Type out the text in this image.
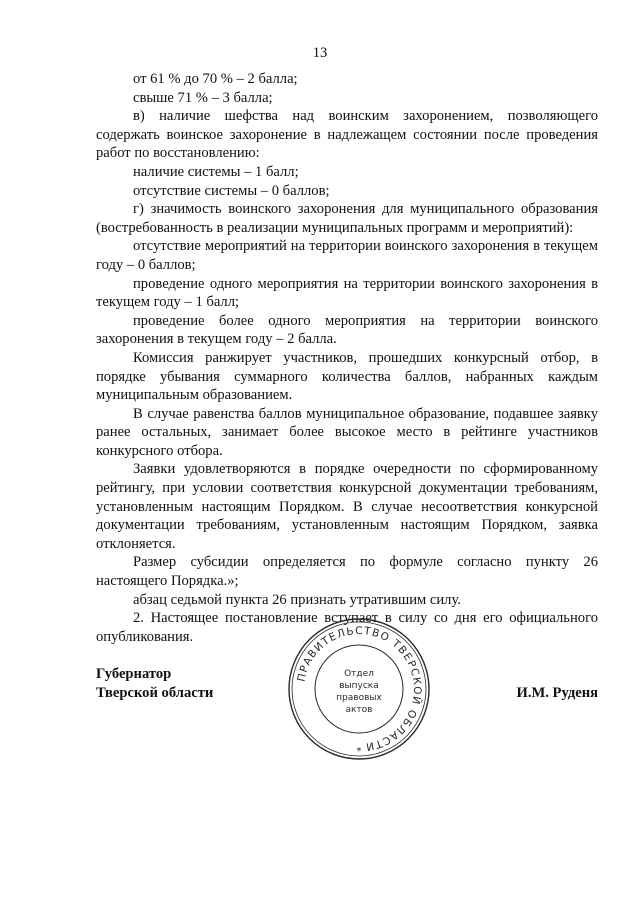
13

от 61 % до 70 % – 2 балла;

свыше 71 % – 3 балла;

в) наличие шефства над воинским захоронением, позволяющего содержать воинское захоронение в надлежащем состоянии после проведения работ по восстановлению:

наличие системы – 1 балл;

отсутствие системы – 0 баллов;

г) значимость воинского захоронения для муниципального образования (востребованность в реализации муниципальных программ и мероприятий):

отсутствие мероприятий на территории воинского захоронения в текущем году – 0 баллов;

проведение одного мероприятия на территории воинского захоронения в текущем году – 1 балл;

проведение более одного мероприятия на территории воинского захоронения в текущем году – 2 балла.

Комиссия ранжирует участников, прошедших конкурсный отбор, в порядке убывания суммарного количества баллов, набранных каждым муниципальным образованием.

В случае равенства баллов муниципальное образование, подавшее заявку ранее остальных, занимает более высокое место в рейтинге участников конкурсного отбора.

Заявки удовлетворяются в порядке очередности по сформированному рейтингу, при условии соответствия конкурсной документации требованиям, установленным настоящим Порядком. В случае несоответствия конкурсной документации требованиям, установленным настоящим Порядком, заявка отклоняется.

Размер субсидии определяется по формуле согласно пункту 26 настоящего Порядка.»;

абзац седьмой пункта 26 признать утратившим силу.

2. Настоящее постановление вступает в силу со дня его официального опубликования.

Губернатор
Тверской области	И.М. Руденя
ПРАВИТЕЛЬСТВО ТВЕРСКОЙ ОБЛАСТИ
Отдел
выпуска
правовых
актов
*
